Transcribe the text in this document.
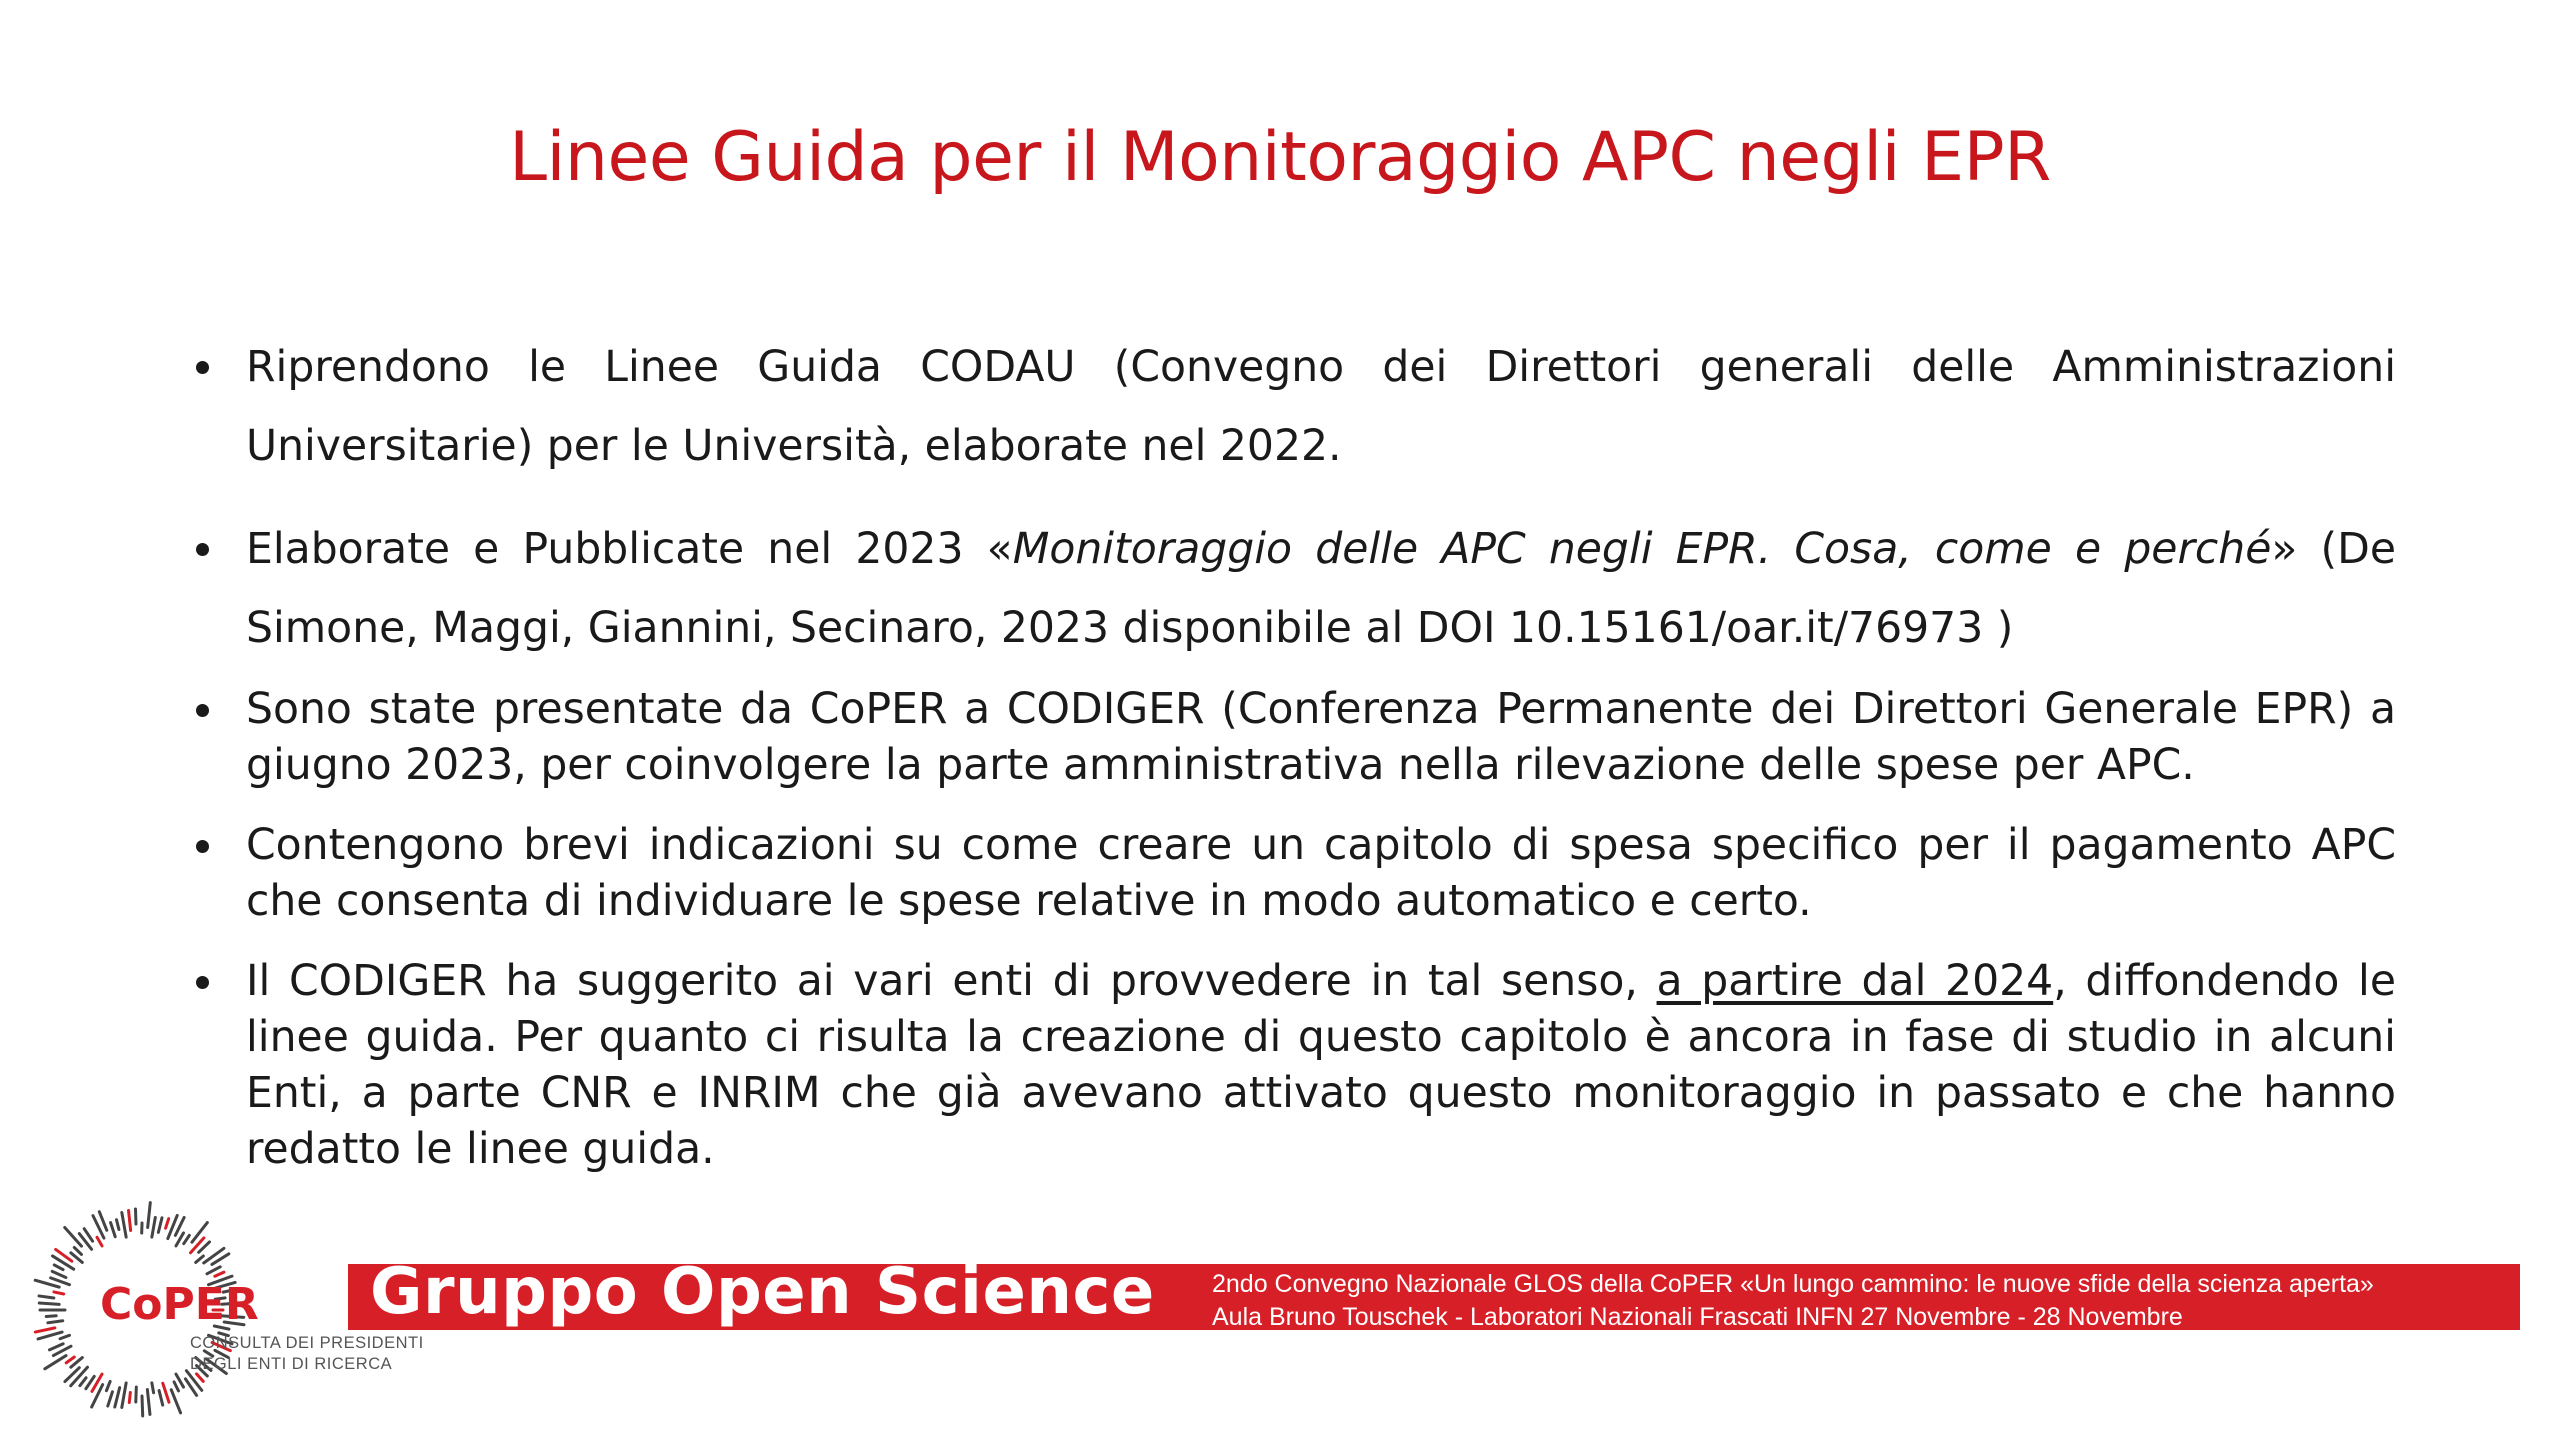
Linee Guida per il Monitoraggio APC negli EPR
Riprendono le Linee Guida CODAU (Convegno dei Direttori generali delle Amministrazioni Universitarie) per le Università, elaborate nel 2022.
Elaborate e Pubblicate nel 2023 «Monitoraggio delle APC negli EPR. Cosa, come e perché» (De Simone, Maggi, Giannini, Secinaro, 2023 disponibile al DOI 10.15161/oar.it/76973 )
Sono state presentate da CoPER a CODIGER (Conferenza Permanente dei Direttori Generale EPR) a giugno 2023, per coinvolgere la parte amministrativa nella rilevazione delle spese per APC.
Contengono brevi indicazioni su come creare un capitolo di spesa specifico per il pagamento APC che consenta di individuare le spese relative in modo automatico e certo.
Il CODIGER ha suggerito ai vari enti di provvedere in tal senso, a partire dal 2024, diffondendo le linee guida. Per quanto ci risulta la creazione di questo capitolo è ancora in fase di studio in alcuni Enti, a parte CNR e INRIM che già avevano attivato questo monitoraggio in passato e che hanno redatto le linee guida.
Gruppo Open Science 2ndo Convegno Nazionale GLOS della CoPER «Un lungo cammino: le nuove sfide della scienza aperta»
Aula Bruno Touschek - Laboratori Nazionali Frascati INFN 27 Novembre - 28 Novembre
CoPER
CONSULTA DEI PRESIDENTI
DEGLI ENTI DI RICERCA
